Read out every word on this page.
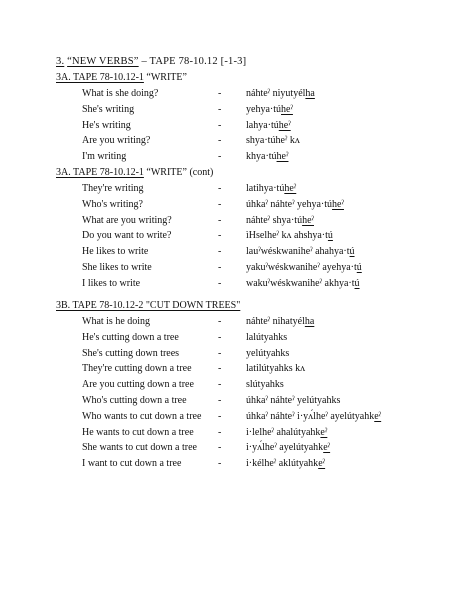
3. “NEW VERBS” – TAPE 78-10.12 [-1-3]
3A. TAPE 78-10.12-1 “WRITE”
What is she doing?	- náhteˀ niyutyélha
She's writing	- yehya·túheˀ
He's writing	- lahya·túheˀ
Are you writing?	- shya·túheˀ kʌ
I'm writing	- khya·túheˀ
3A. TAPE 78-10.12-1 “WRITE” (cont)
They're writing	- latihya·túheˀ
Who's writing?	- úhkaˀ náhteˀ yehya·túheˀ
What are you writing?	- náhteˀ shya·túheˀ
Do you want to write?	- ìHselheˀ kʌ ahshya·tú
He likes to write	- lauˀwéskwaniheˀ ahahya·tú
She likes to write	- yakuˀwéskwaniheˀ ayehya·tú
I likes to write	- wakuˀwéskwaniheˀ akhya·tú
3B. TAPE 78-10.12-2 "CUT DOWN TREES"
What is he doing	- náhteˀ nihatyélha
He's cutting down a tree	- lalútyahks
She's cutting down trees	- yelútyahks
They're cutting down a tree	- latilútyahks kʌ
Are you cutting down a tree - slútyahks
Who's cutting down a tree	- úhkaˀ náhteˀ yelútyahks
Who wants to cut down a tree - úhkaˀ náhteˀ i·yʌ́lheˀ ayelútyahkeˀ
He wants to cut down a tree - i·lelheˀ ahalútyahkeˀ
She wants to cut down a tree - i·yʌ́lheˀ ayelútyahkeˀ
I want to cut down a tree	- i·kélheˀ aklútyahkeˀ
